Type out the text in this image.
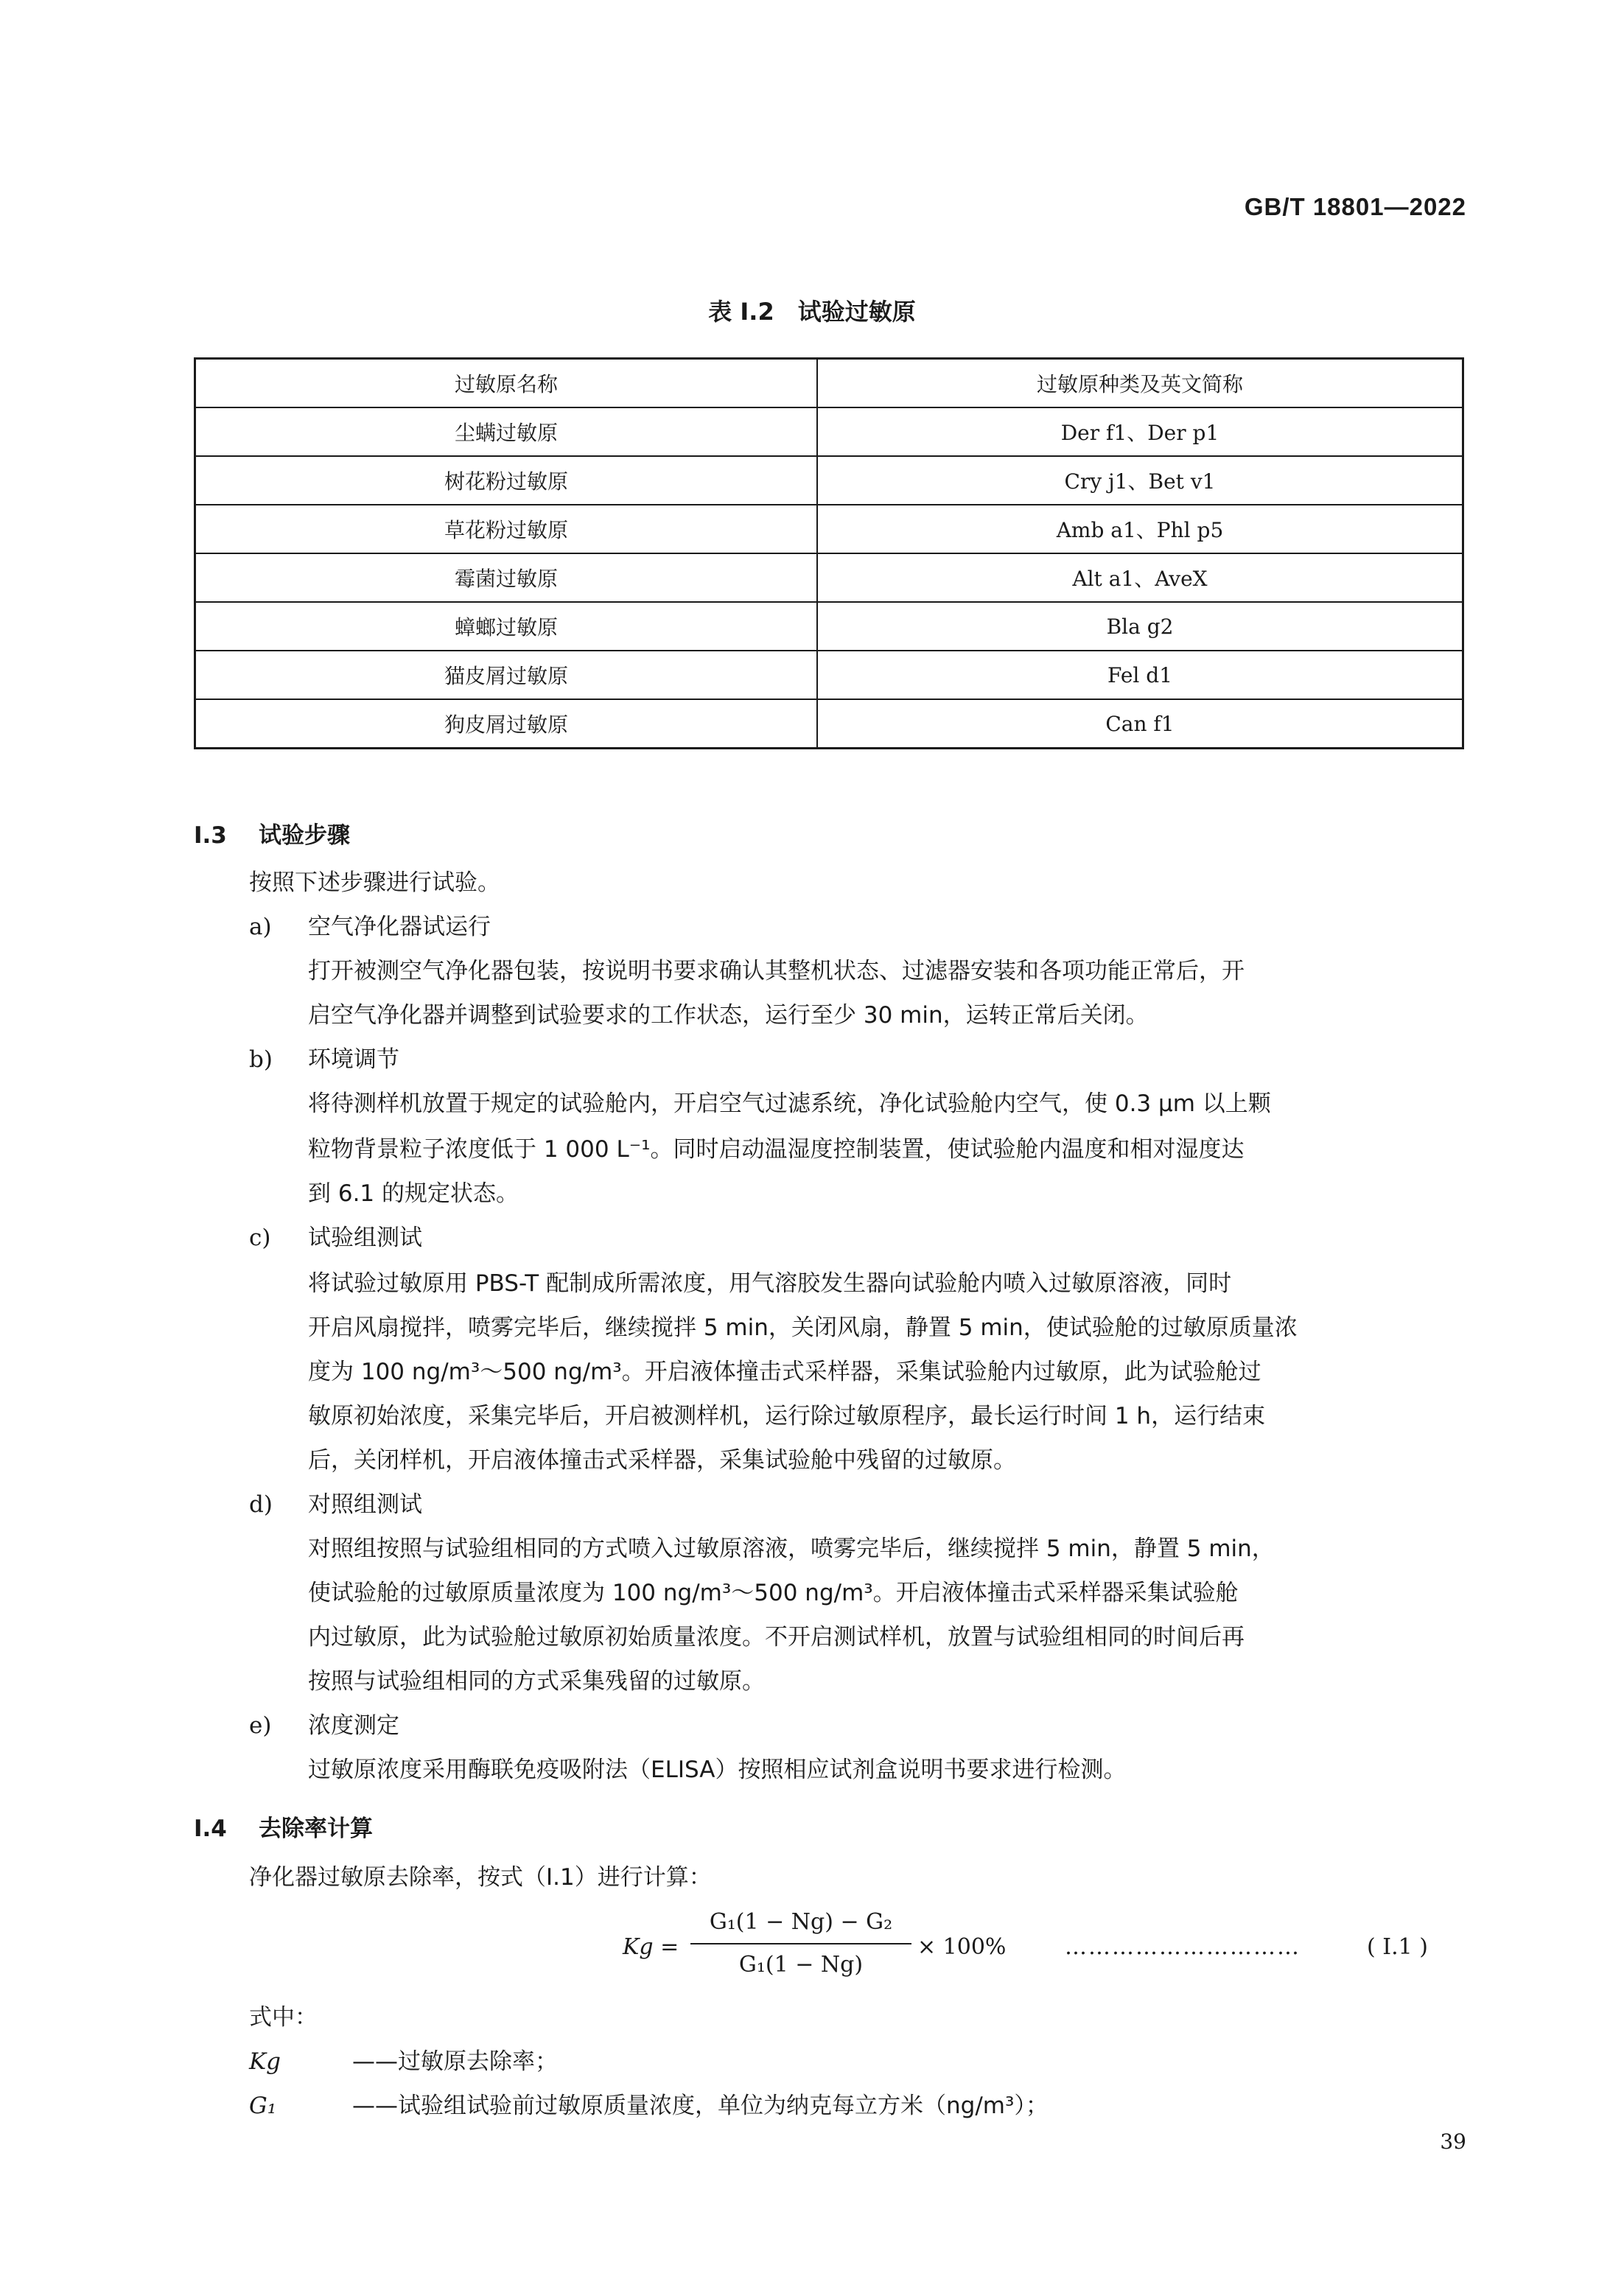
GB/T 18801—2022
表 I.2　试验过敏原
过敏原名称	过敏原种类及英文简称
尘螨过敏原	Der f1、Der p1
树花粉过敏原	Cry j1、Bet v1
草花粉过敏原	Amb a1、Phl p5
霉菌过敏原	Alt a1、AveX
蟑螂过敏原	Bla g2
猫皮屑过敏原	Fel d1
狗皮屑过敏原	Can f1
I.3 试验步骤
按照下述步骤进行试验。
a) 空气净化器试运行
打开被测空气净化器包装，按说明书要求确认其整机状态、过滤器安装和各项功能正常后，开
启空气净化器并调整到试验要求的工作状态，运行至少 30 min，运转正常后关闭。
b) 环境调节
将待测样机放置于规定的试验舱内，开启空气过滤系统，净化试验舱内空气，使 0.3 μm 以上颗
粒物背景粒子浓度低于 1 000 L⁻¹。同时启动温湿度控制装置，使试验舱内温度和相对湿度达
到 6.1 的规定状态。
c) 试验组测试
将试验过敏原用 PBS-T 配制成所需浓度，用气溶胶发生器向试验舱内喷入过敏原溶液，同时
开启风扇搅拌，喷雾完毕后，继续搅拌 5 min，关闭风扇，静置 5 min，使试验舱的过敏原质量浓
度为 100 ng/m³～500 ng/m³。开启液体撞击式采样器，采集试验舱内过敏原，此为试验舱过
敏原初始浓度，采集完毕后，开启被测样机，运行除过敏原程序，最长运行时间 1 h，运行结束
后，关闭样机，开启液体撞击式采样器，采集试验舱中残留的过敏原。
d) 对照组测试
对照组按照与试验组相同的方式喷入过敏原溶液，喷雾完毕后，继续搅拌 5 min，静置 5 min，
使试验舱的过敏原质量浓度为 100 ng/m³～500 ng/m³。开启液体撞击式采样器采集试验舱
内过敏原，此为试验舱过敏原初始质量浓度。不开启测试样机，放置与试验组相同的时间后再
按照与试验组相同的方式采集残留的过敏原。
e) 浓度测定
过敏原浓度采用酶联免疫吸附法（ELISA）按照相应试剂盒说明书要求进行检测。
I.4 去除率计算
净化器过敏原去除率，按式（I.1）进行计算：
Kg =
G₁(1 − Ng) − G₂
G₁(1 − Ng)
× 100%	…………………………	( I.1 )
式中：
Kg	——过敏原去除率；
G₁	——试验组试验前过敏原质量浓度，单位为纳克每立方米（ng/m³）；
39
